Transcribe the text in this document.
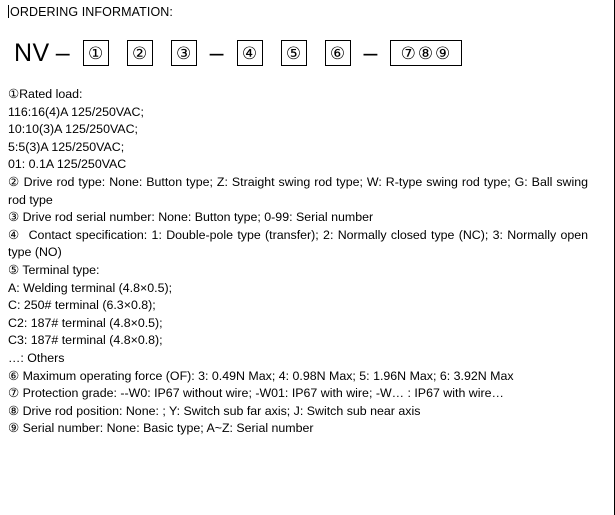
ORDERING INFORMATION:
NV – ① ② ③ – ④ ⑤ ⑥ – ⑦⑧⑨
①Rated load:
116:16(4)A 125/250VAC;
10:10(3)A 125/250VAC;
5:5(3)A 125/250VAC;
01: 0.1A 125/250VAC
② Drive rod type: None: Button type; Z: Straight swing rod type; W: R-type swing rod type; G: Ball swing rod type
③ Drive rod serial number: None: Button type; 0-99: Serial number
④ Contact specification: 1: Double-pole type (transfer); 2: Normally closed type (NC); 3: Normally open type (NO)
⑤ Terminal type:
A: Welding terminal (4.8×0.5);
C: 250# terminal (6.3×0.8);
C2: 187# terminal (4.8×0.5);
C3: 187# terminal (4.8×0.8);
…: Others
⑥ Maximum operating force (OF): 3: 0.49N Max; 4: 0.98N Max; 5: 1.96N Max; 6: 3.92N Max
⑦ Protection grade: --W0: IP67 without wire; -W01: IP67 with wire; -W… : IP67 with wire…
⑧ Drive rod position: None: ; Y: Switch sub far axis; J: Switch sub near axis
⑨ Serial number: None: Basic type; A~Z: Serial number
